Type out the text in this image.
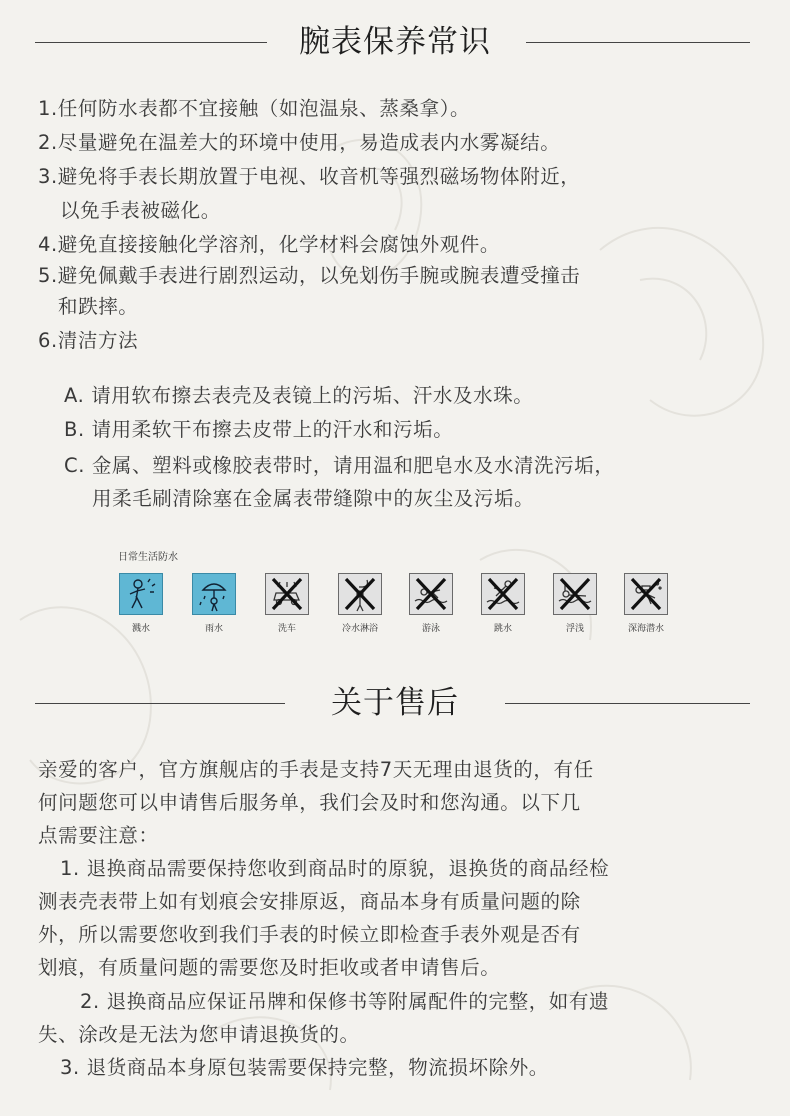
腕表保养常识
1.任何防水表都不宜接触（如泡温泉、蒸桑拿）。
2.尽量避免在温差大的环境中使用，易造成表内水雾凝结。
3.避免将手表长期放置于电视、收音机等强烈磁场物体附近，
以免手表被磁化。
4.避免直接接触化学溶剂，化学材料会腐蚀外观件。
5.避免佩戴手表进行剧烈运动，以免划伤手腕或腕表遭受撞击
和跌摔。
6.清洁方法
A. 请用软布擦去表壳及表镜上的污垢、汗水及水珠。
B. 请用柔软干布擦去皮带上的汗水和污垢。
C. 金属、塑料或橡胶表带时，请用温和肥皂水及水清洗污垢，
用柔毛刷清除塞在金属表带缝隙中的灰尘及污垢。
日常生活防水
溅水	雨水	洗车	冷水淋浴	游泳	跳水	浮浅	深海潜水
关于售后
亲爱的客户，官方旗舰店的手表是支持7天无理由退货的，有任
何问题您可以申请售后服务单，我们会及时和您沟通。以下几
点需要注意：
1. 退换商品需要保持您收到商品时的原貌，退换货的商品经检
测表壳表带上如有划痕会安排原返，商品本身有质量问题的除
外，所以需要您收到我们手表的时候立即检查手表外观是否有
划痕，有质量问题的需要您及时拒收或者申请售后。
2. 退换商品应保证吊牌和保修书等附属配件的完整，如有遗
失、涂改是无法为您申请退换货的。
3. 退货商品本身原包装需要保持完整，物流损坏除外。
